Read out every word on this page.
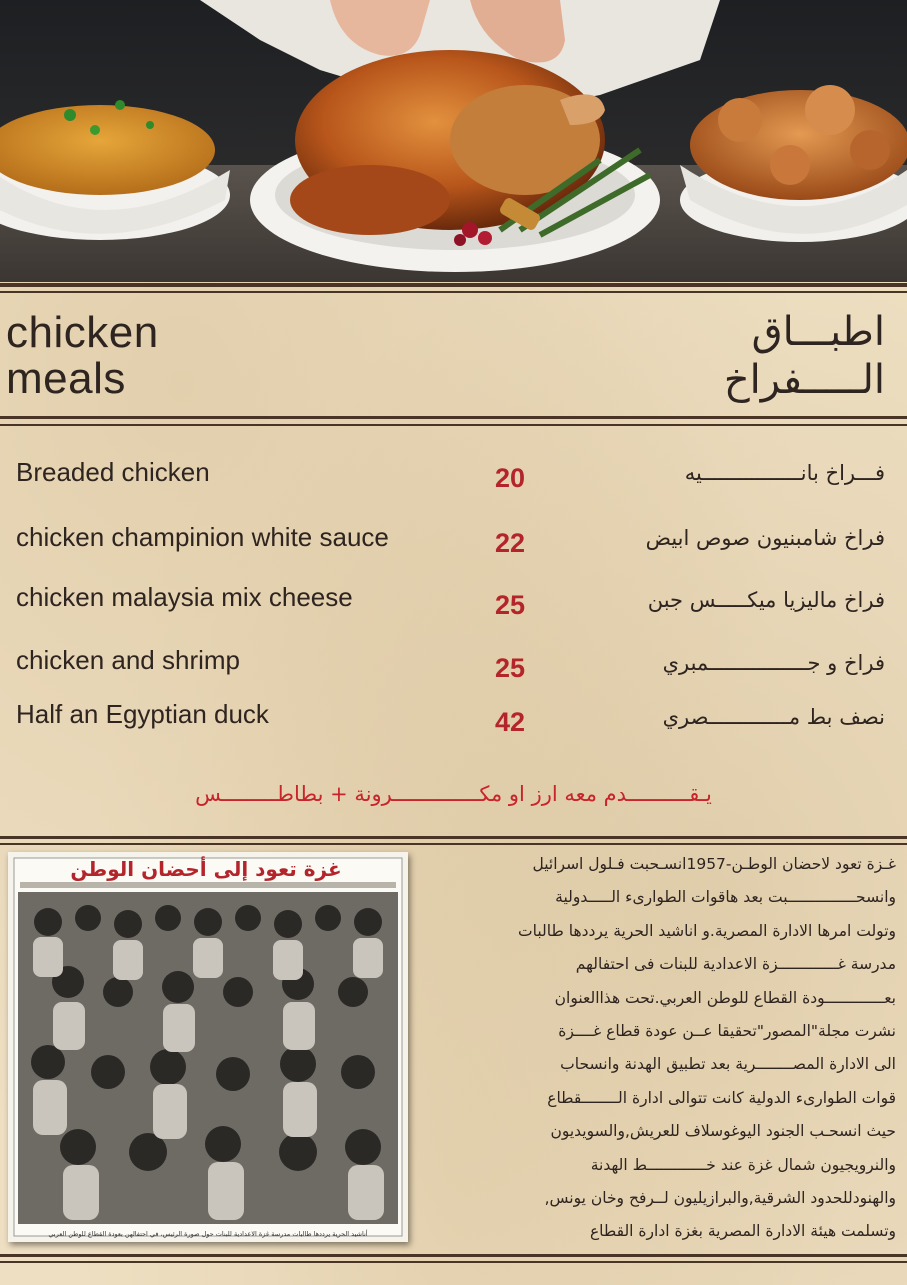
chicken
meals
اطبـــاق
الـــــفراخ
Breaded chicken	20	فـــراخ بانــــــــــــــــيه
chicken champinion white sauce	22	فراخ شامبنيون صوص ابيض
chicken malaysia mix cheese	25	فراخ ماليزيا ميكـــــس جبن
chicken and shrimp	25	فراخ و جــــــــــــــــمبري
Half an Egyptian duck	42	نصف بط مـــــــــــــصري
يـقــــــــــدم معه ارز او مكــــــــــــــرونة + بطاطـــــــــس
غزة تعود إلى أحضان الوطن
أناشيد الحرية يرددها طالبات مدرسة غزة الاعدادية للبنات حول صورة الرئيس، في احتفالهن بعودة القطاع للوطن العربي
غـزة تعود لاحضان الوطـن-1957انسـحبت فـلول اسرائيل
وانسحـــــــــــــــبت بعد هاقوات الطوارىء الـــــدولية
وتولت امرها الادارة المصرية.و اناشيد الحرية يرددها طالبات
مدرسة غـــــــــــــزة الاعدادية للبنات فى احتفالهم
بعـــــــــــــودة القطاع للوطن العربي.تحت هذاالعنوان
نشرت مجلة"المصور"تحقيقا عــن عودة قطاع غــــزة
الى الادارة المصــــــــرية بعد تطبيق الهدنة وانسحاب
قوات الطوارىء الدولية كانت تتوالى ادارة الــــــــقطاع
حيث انسحـب الجنود اليوغوسلاف للعريش,والسويديون
والنرويجيون شمال غزة عند خـــــــــــــط الهدنة
والهنودللحدود الشرقية,والبرازيليون لــرفح وخان يونس,
وتسلمت هيئة الادارة المصرية بغزة ادارة القطاع
